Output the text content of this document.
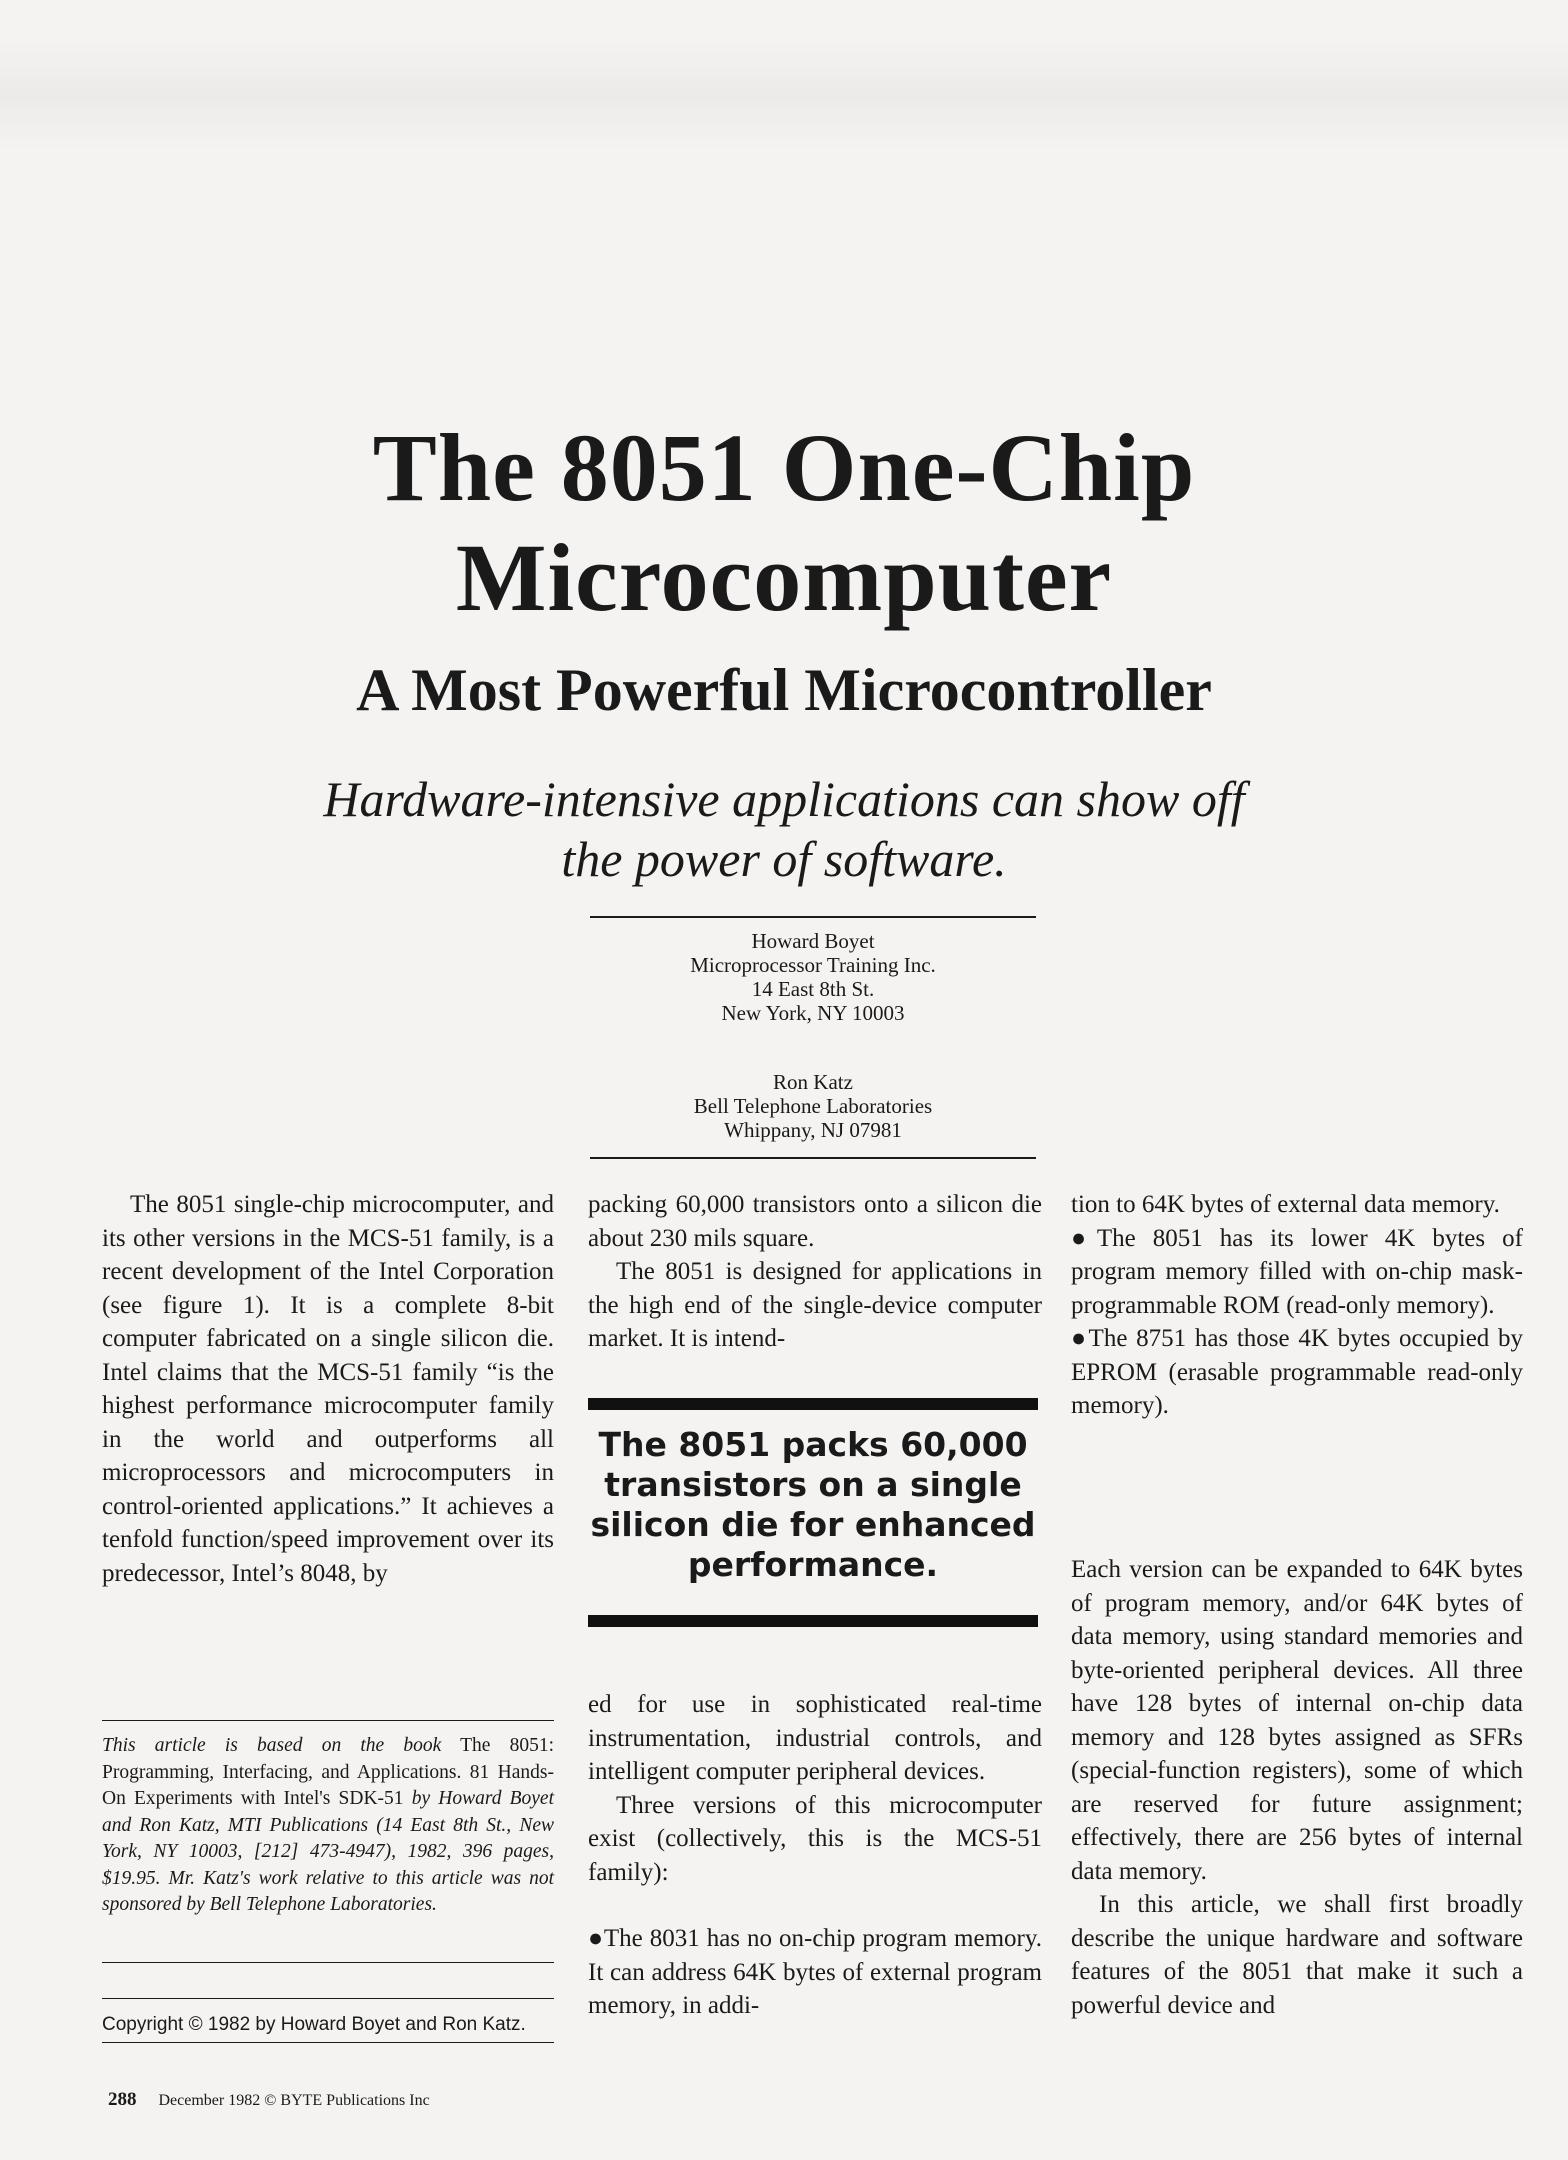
The 8051 One-Chip
Microcomputer
A Most Powerful Microcontroller
Hardware-intensive applications can show off
the power of software.
Howard Boyet
Microprocessor Training Inc.
14 East 8th St.
New York, NY 10003
Ron Katz
Bell Telephone Laboratories
Whippany, NJ 07981

The 8051 single-chip microcomputer, and its other versions in the MCS-51 family, is a recent development of the Intel Corporation (see figure 1). It is a complete 8-bit computer fabricated on a single silicon die. Intel claims that the MCS-51 family “is the highest performance microcomputer family in the world and outperforms all microprocessors and microcomputers in control-oriented applications.” It achieves a tenfold function/speed improvement over its predecessor, Intel’s 8048, by

This article is based on the book The 8051: Programming, Interfacing, and Applications. 81 Hands-On Experiments with Intel's SDK-51 by Howard Boyet and Ron Katz, MTI Publications (14 East 8th St., New York, NY 10003, [212] 473-4947), 1982, 396 pages, $19.95. Mr. Katz's work relative to this article was not sponsored by Bell Telephone Laboratories.
Copyright © 1982 by Howard Boyet and Ron Katz.

packing 60,000 transistors onto a silicon die about 230 mils square.

The 8051 is designed for applications in the high end of the single-device computer market. It is intend-

The 8051 packs 60,000 transistors on a single silicon die for enhanced performance.

ed for use in sophisticated real-time instrumentation, industrial controls, and intelligent computer peripheral devices.

Three versions of this microcomputer exist (collectively, this is the MCS-51 family):

●The 8031 has no on-chip program memory. It can address 64K bytes of external program memory, in addi-

tion to 64K bytes of external data memory.

●The 8051 has its lower 4K bytes of program memory filled with on-chip mask-programmable ROM (read-only memory).

●The 8751 has those 4K bytes occupied by EPROM (erasable programmable read-only memory).

Each version can be expanded to 64K bytes of program memory, and/or 64K bytes of data memory, using standard memories and byte-oriented peripheral devices. All three have 128 bytes of internal on-chip data memory and 128 bytes assigned as SFRs (special-function registers), some of which are reserved for future assignment; effectively, there are 256 bytes of internal data memory.

In this article, we shall first broadly describe the unique hardware and software features of the 8051 that make it such a powerful device and

288 December 1982 © BYTE Publications Inc
